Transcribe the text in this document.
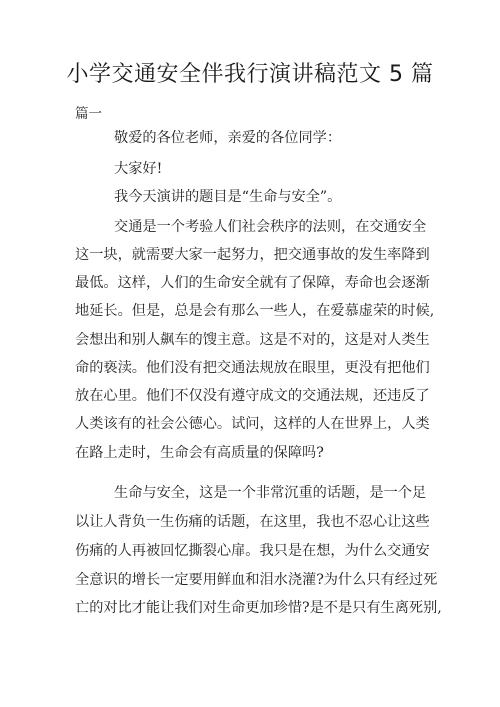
小学交通安全伴我行演讲稿范文 5 篇
篇一
敬爱的各位老师，亲爱的各位同学：
大家好!
我今天演讲的题目是“生命与安全”。
交通是一个考验人们社会秩序的法则，在交通安全
这一块，就需要大家一起努力，把交通事故的发生率降到
最低。这样，人们的生命安全就有了保障，寿命也会逐渐
地延长。但是，总是会有那么一些人，在爱慕虚荣的时候,
会想出和别人飙车的馊主意。这是不对的，这是对人类生
命的亵渎。他们没有把交通法规放在眼里，更没有把他们
放在心里。他们不仅没有遵守成文的交通法规，还违反了
人类该有的社会公德心。试问，这样的人在世界上，人类
在路上走时，生命会有高质量的保障吗?
生命与安全，这是一个非常沉重的话题，是一个足
以让人背负一生伤痛的话题，在这里，我也不忍心让这些
伤痛的人再被回忆撕裂心扉。我只是在想，为什么交通安
全意识的增长一定要用鲜血和泪水浇灌?为什么只有经过死
亡的对比才能让我们对生命更加珍惜?是不是只有生离死别,
